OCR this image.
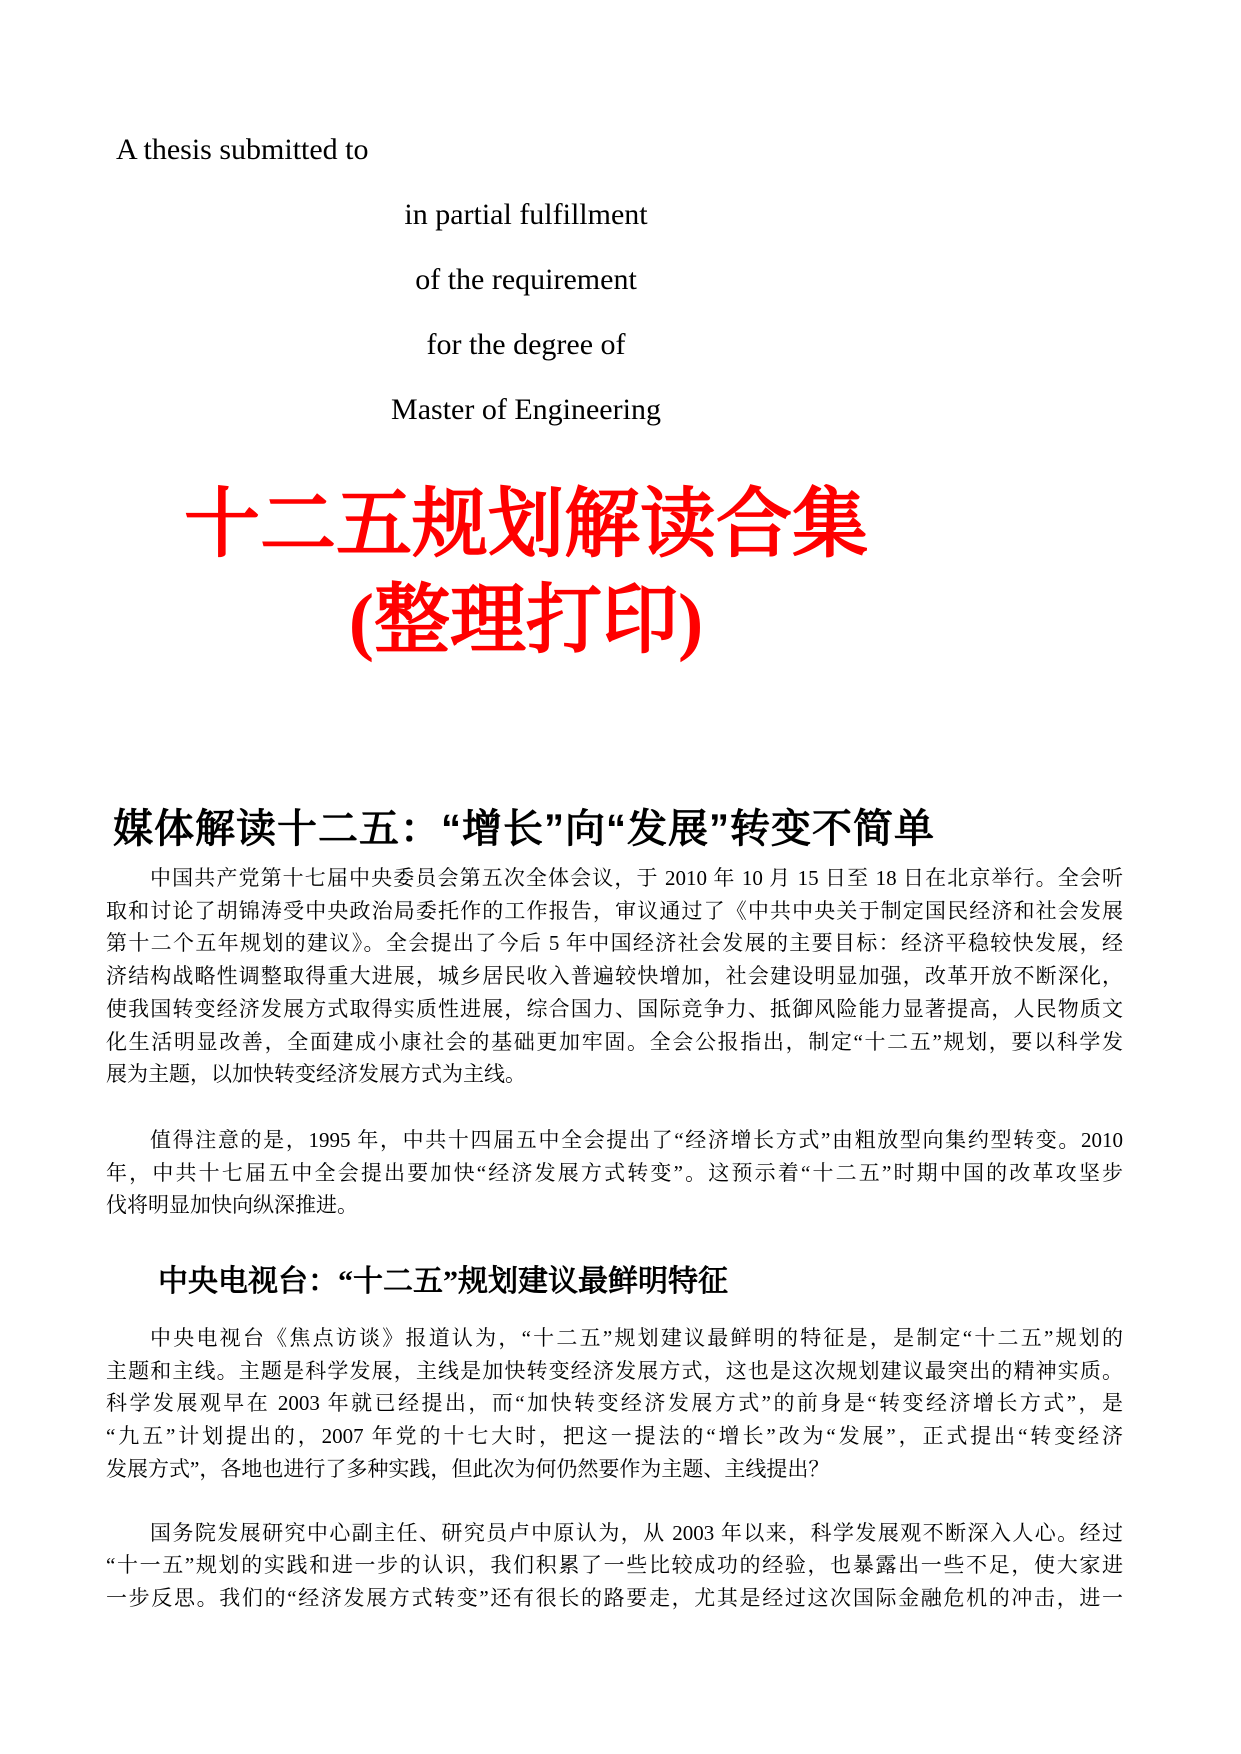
A thesis submitted to
in partial fulfillment
of the requirement
for the degree of
Master of Engineering
十二五规划解读合集
(整理打印)
媒体解读十二五：“增长”向“发展”转变不简单
中国共产党第十七届中央委员会第五次全体会议，于 2010 年 10 月 15 日至 18 日在北京举行。全会听
取和讨论了胡锦涛受中央政治局委托作的工作报告，审议通过了《中共中央关于制定国民经济和社会发展
第十二个五年规划的建议》。全会提出了今后 5 年中国经济社会发展的主要目标：经济平稳较快发展，经
济结构战略性调整取得重大进展，城乡居民收入普遍较快增加，社会建设明显加强，改革开放不断深化，
使我国转变经济发展方式取得实质性进展，综合国力、国际竞争力、抵御风险能力显著提高，人民物质文
化生活明显改善，全面建成小康社会的基础更加牢固。全会公报指出，制定“十二五”规划，要以科学发
展为主题，以加快转变经济发展方式为主线。
值得注意的是，1995 年，中共十四届五中全会提出了“经济增长方式”由粗放型向集约型转变。2010
年，中共十七届五中全会提出要加快“经济发展方式转变”。这预示着“十二五”时期中国的改革攻坚步
伐将明显加快向纵深推进。
中央电视台：“十二五”规划建议最鲜明特征
中央电视台《焦点访谈》报道认为，“十二五”规划建议最鲜明的特征是，是制定“十二五”规划的
主题和主线。主题是科学发展，主线是加快转变经济发展方式，这也是这次规划建议最突出的精神实质。
科学发展观早在 2003 年就已经提出，而“加快转变经济发展方式”的前身是“转变经济增长方式”，是
“九五”计划提出的，2007 年党的十七大时，把这一提法的“增长”改为“发展”，正式提出“转变经济
发展方式”，各地也进行了多种实践，但此次为何仍然要作为主题、主线提出？
国务院发展研究中心副主任、研究员卢中原认为，从 2003 年以来，科学发展观不断深入人心。经过
“十一五”规划的实践和进一步的认识，我们积累了一些比较成功的经验，也暴露出一些不足，使大家进
一步反思。我们的“经济发展方式转变”还有很长的路要走，尤其是经过这次国际金融危机的冲击，进一
